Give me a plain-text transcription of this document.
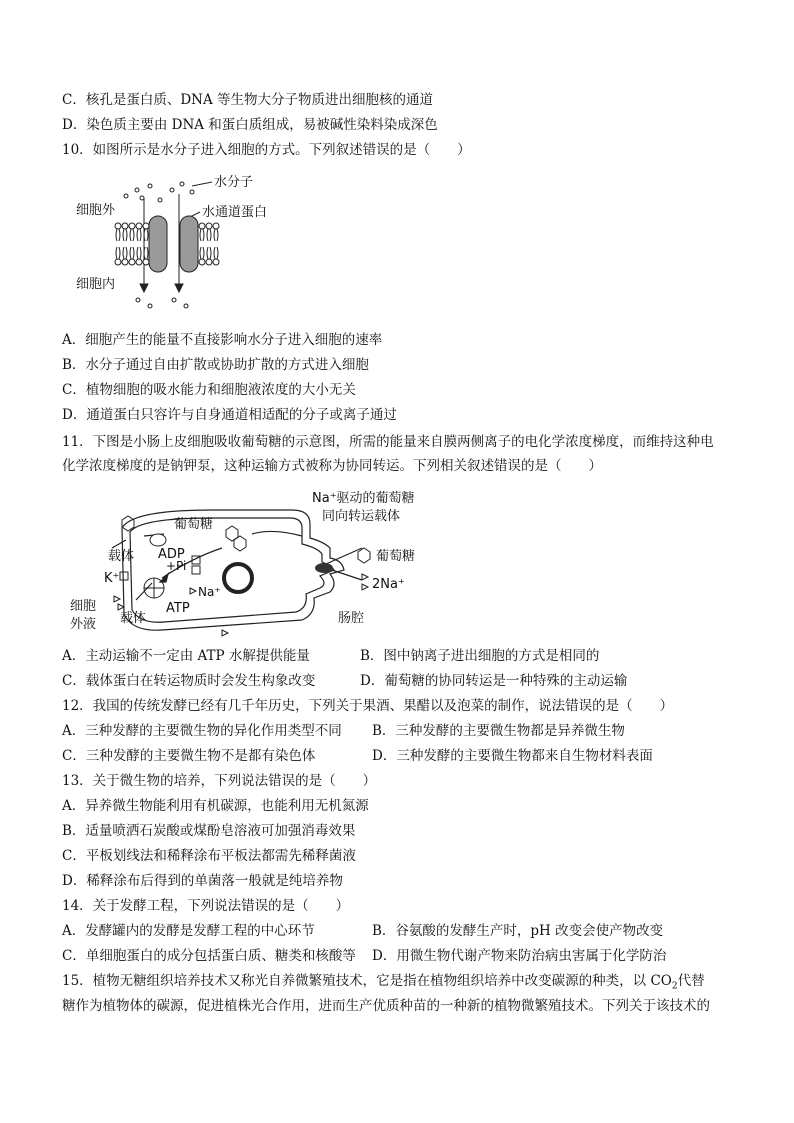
C．核孔是蛋白质、DNA 等生物大分子物质进出细胞核的通道
D．染色质主要由 DNA 和蛋白质组成，易被碱性染料染成深色
10．如图所示是水分子进入细胞的方式。下列叙述错误的是（　　）
细胞外
细胞内
水分子
水通道蛋白
A．细胞产生的能量不直接影响水分子进入细胞的速率
B．水分子通过自由扩散或协助扩散的方式进入细胞
C．植物细胞的吸水能力和细胞液浓度的大小无关
D．通道蛋白只容许与自身通道相适配的分子或离子通过
11．下图是小肠上皮细胞吸收葡萄糖的示意图，所需的能量来自膜两侧离子的电化学浓度梯度，而维持这种电
化学浓度梯度的是钠钾泵，这种运输方式被称为协同转运。下列相关叙述错误的是（　　）
葡萄糖
载体 ADP
+Pi
K⁺
Na⁺
ATP
载体
细胞
外液
Na⁺驱动的葡萄糖
同向转运载体
葡萄糖
2Na⁺
肠腔
A．主动运输不一定由 ATP 水解提供能量	B．图中钠离子进出细胞的方式是相同的
C．载体蛋白在转运物质时会发生构象改变	D．葡萄糖的协同转运是一种特殊的主动运输
12．我国的传统发酵已经有几千年历史，下列关于果酒、果醋以及泡菜的制作，说法错误的是（　　）
A．三种发酵的主要微生物的异化作用类型不同 B．三种发酵的主要微生物都是异养微生物
C．三种发酵的主要微生物不是都有染色体	D．三种发酵的主要微生物都来自生物材料表面
13．关于微生物的培养，下列说法错误的是（　　）
A．异养微生物能利用有机碳源，也能利用无机氮源
B．适量喷洒石炭酸或煤酚皂溶液可加强消毒效果
C．平板划线法和稀释涂布平板法都需先稀释菌液
D．稀释涂布后得到的单菌落一般就是纯培养物
14．关于发酵工程，下列说法错误的是（　　）
A．发酵罐内的发酵是发酵工程的中心环节	B．谷氨酸的发酵生产时，pH 改变会使产物改变
C．单细胞蛋白的成分包括蛋白质、糖类和核酸等 D．用微生物代谢产物来防治病虫害属于化学防治
15．植物无糖组织培养技术又称光自养微繁殖技术，它是指在植物组织培养中改变碳源的种类，以 $CO_2$代替
糖作为植物体的碳源，促进植株光合作用，进而生产优质种苗的一种新的植物微繁殖技术。下列关于该技术的
